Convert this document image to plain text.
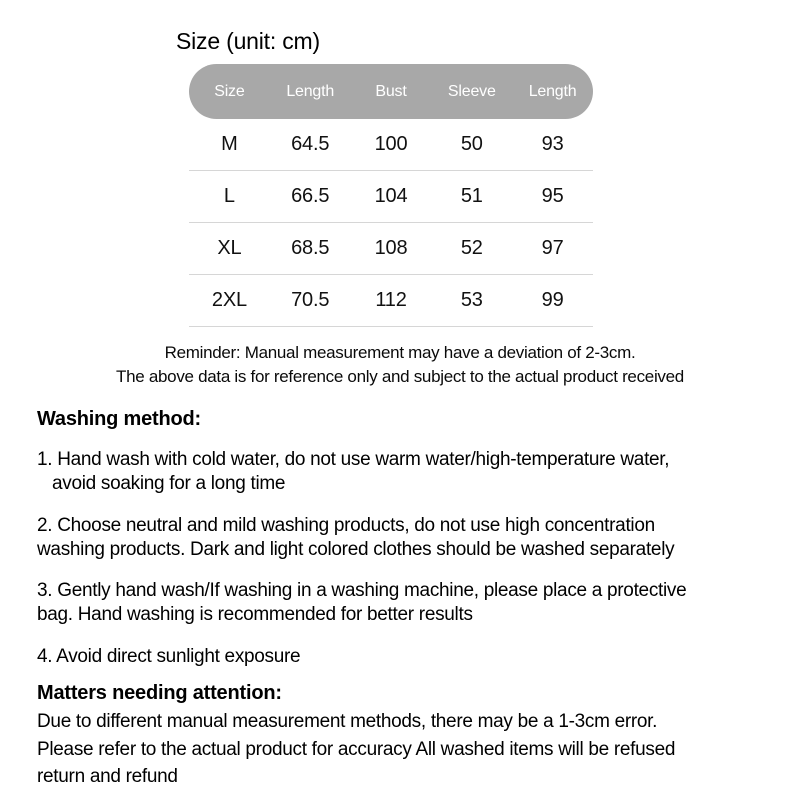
Size (unit: cm)
Size	Length	Bust	Sleeve	Length
M	64.5	100	50	93
L	66.5	104	51	95
XL	68.5	108	52	97
2XL	70.5	112	53	99
Reminder: Manual measurement may have a deviation of 2-3cm.
The above data is for reference only and subject to the actual product received
Washing method:
1. Hand wash with cold water, do not use warm water/high-temperature water,
avoid soaking for a long time
2. Choose neutral and mild washing products, do not use high concentration
washing products. Dark and light colored clothes should be washed separately
3. Gently hand wash/If washing in a washing machine, please place a protective
bag. Hand washing is recommended for better results
4. Avoid direct sunlight exposure
Matters needing attention:
Due to different manual measurement methods, there may be a 1-3cm error.
Please refer to the actual product for accuracy All washed items will be refused
return and refund
